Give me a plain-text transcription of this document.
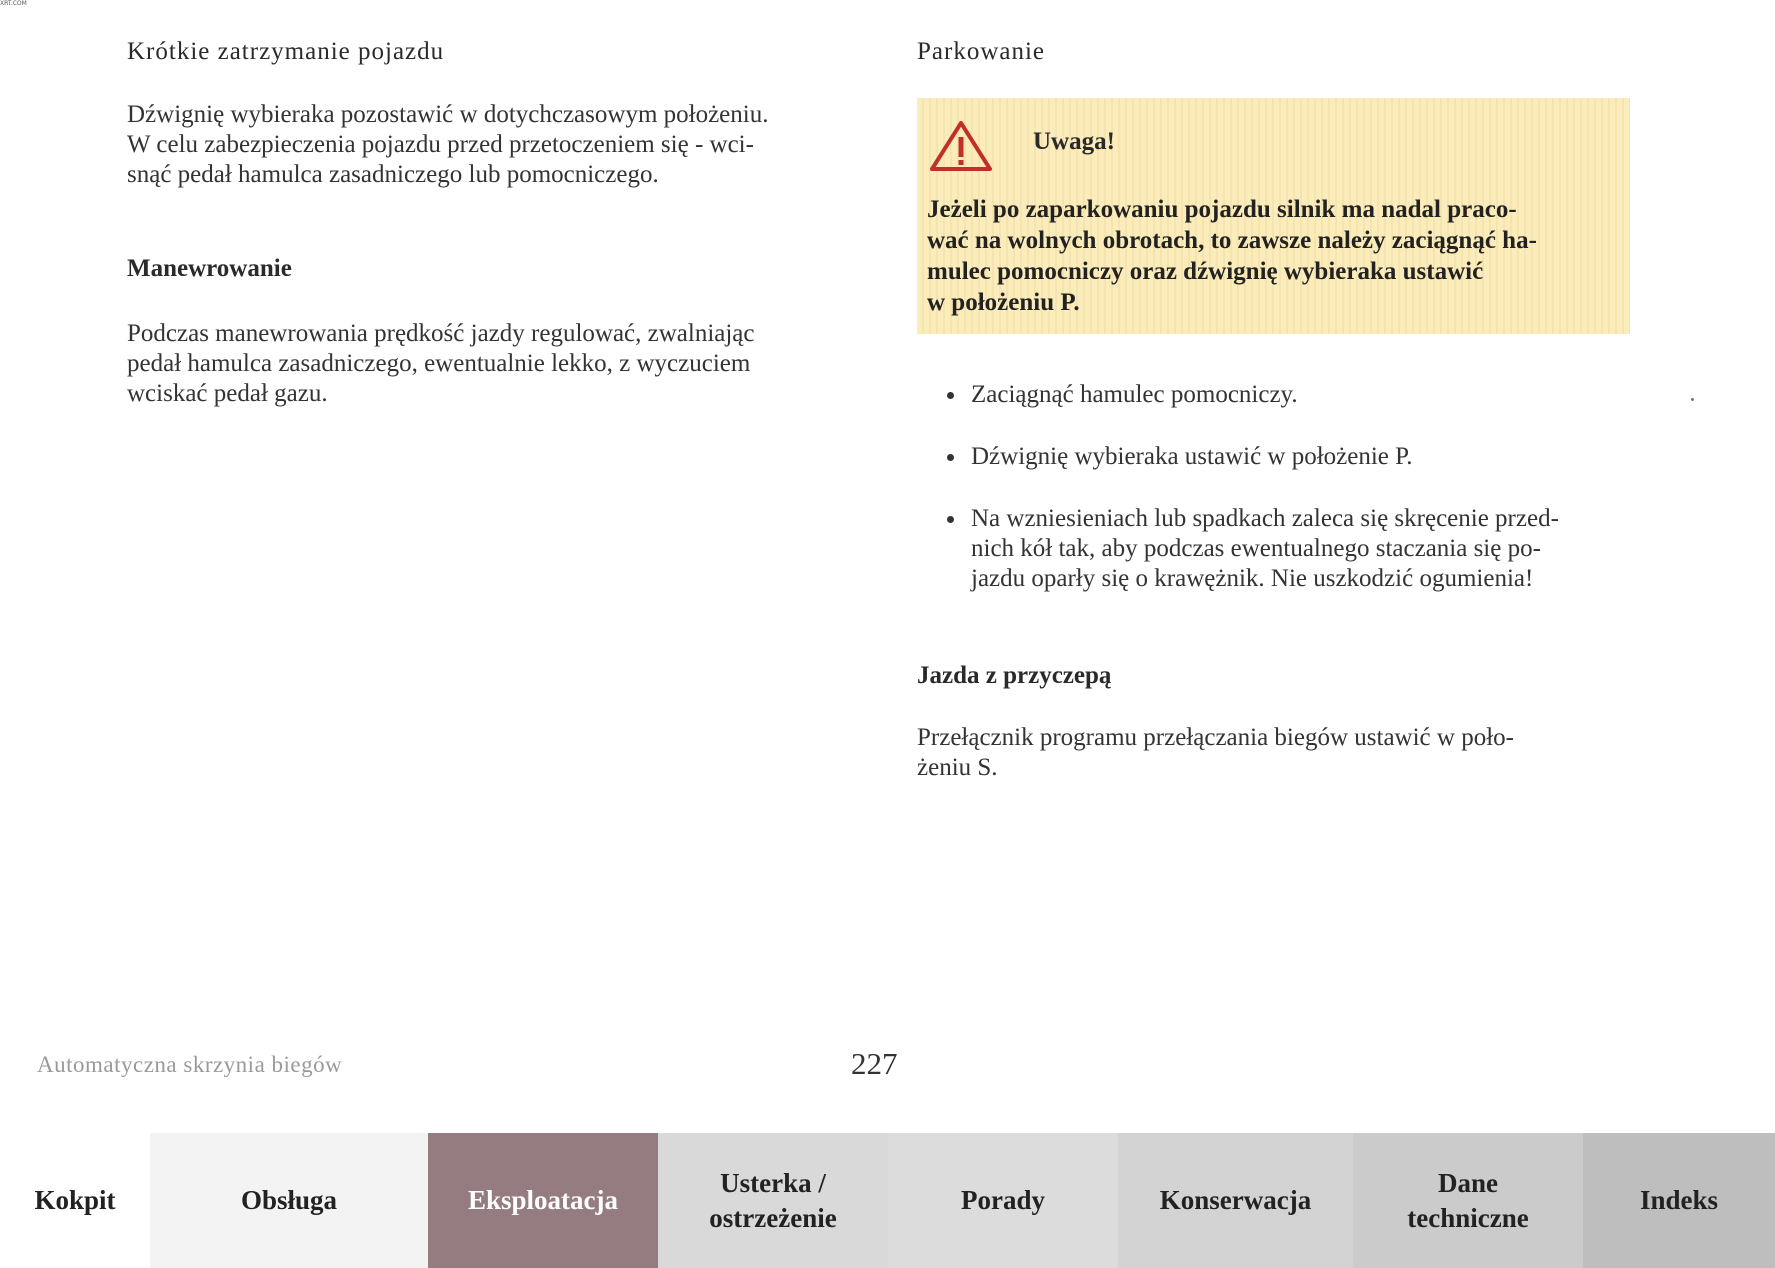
XRT.COM
Krótkie zatrzymanie pojazdu
Dźwignię wybieraka pozostawić w dotychczasowym położeniu.
W celu zabezpieczenia pojazdu przed przetoczeniem się - wci-
snąć pedał hamulca zasadniczego lub pomocniczego.
Manewrowanie
Podczas manewrowania prędkość jazdy regulować, zwalniając
pedał hamulca zasadniczego, ewentualnie lekko, z wyczuciem
wciskać pedał gazu.
Parkowanie
Uwaga!
Jeżeli po zaparkowaniu pojazdu silnik ma nadal praco-
wać na wolnych obrotach, to zawsze należy zaciągnąć ha-
mulec pomocniczy oraz dźwignię wybieraka ustawić
w położeniu P.
Zaciągnąć hamulec pomocniczy.
Dźwignię wybieraka ustawić w położenie P.
Na wzniesieniach lub spadkach zaleca się skręcenie przed-
nich kół tak, aby podczas ewentualnego staczania się po-
jazdu oparły się o krawężnik. Nie uszkodzić ogumienia!
Jazda z przyczepą
Przełącznik programu przełączania biegów ustawić w poło-
żeniu S.
Automatyczna skrzynia biegów	227
Kokpit	Obsługa	Eksploatacja
Usterka /
ostrzeżenie
Porady	Konserwacja
Dane
techniczne
Indeks
